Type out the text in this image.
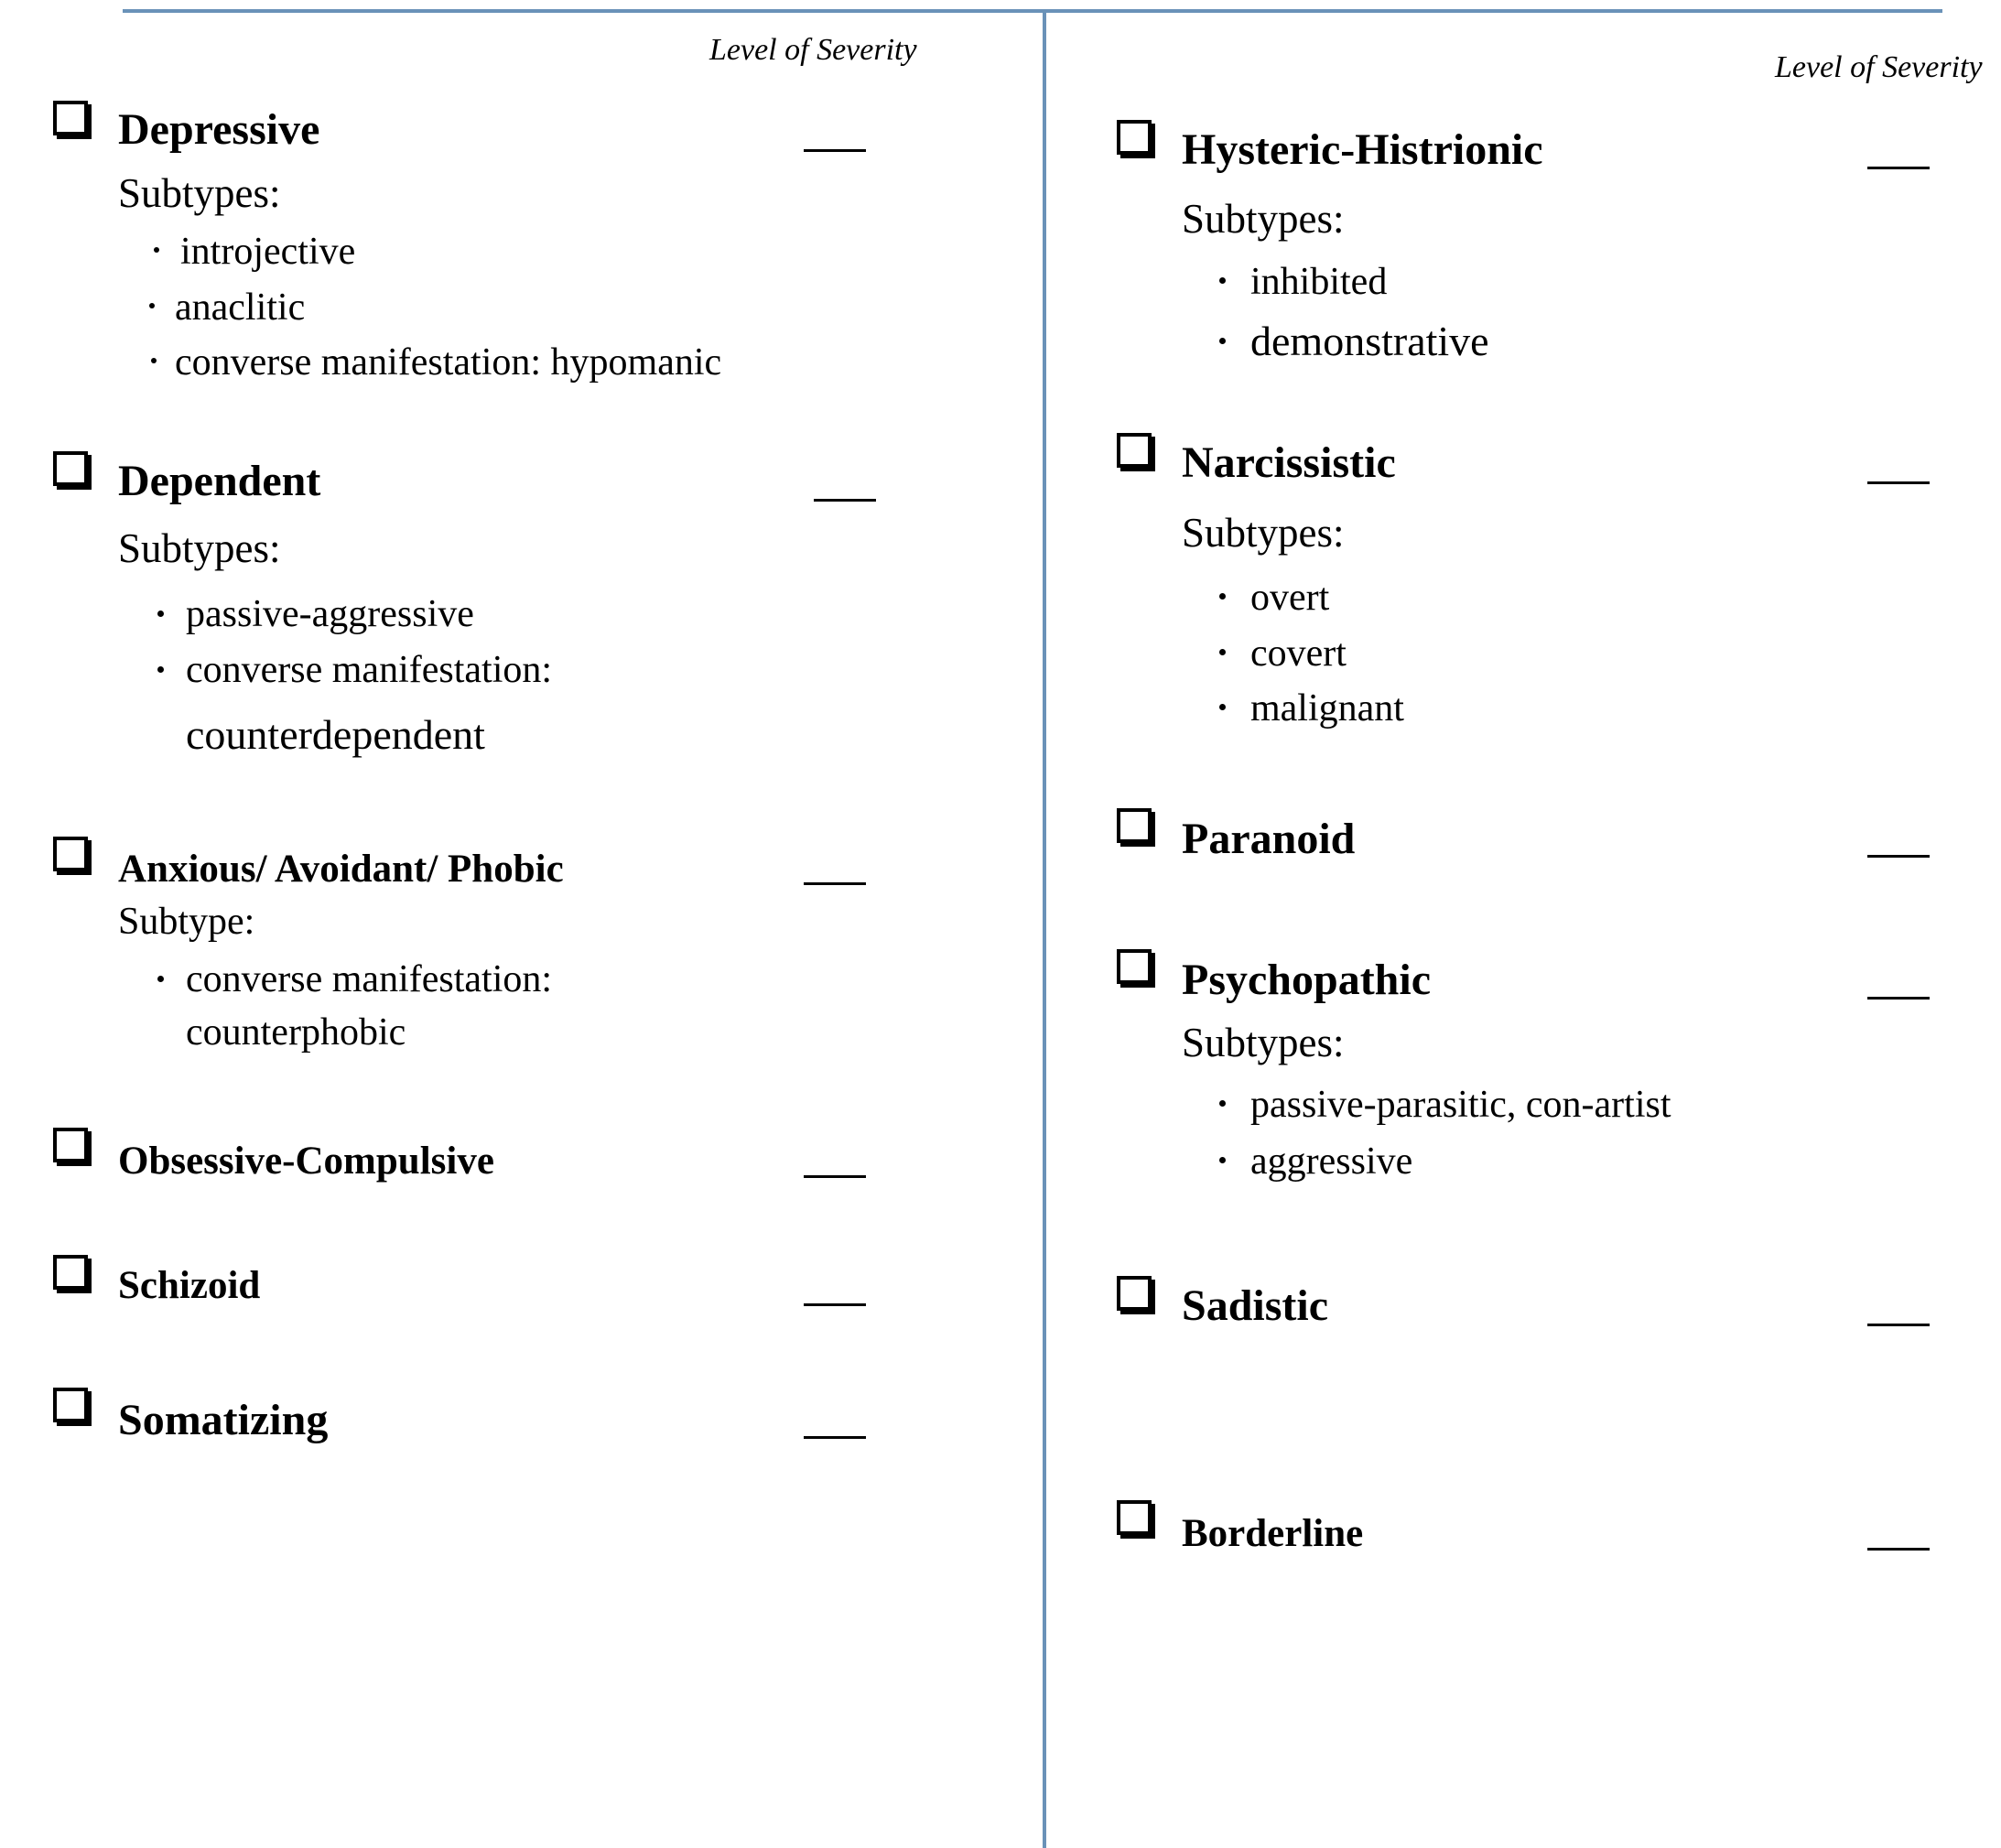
Level of Severity
Level of Severity
Depressive
Subtypes:
introjective
anaclitic
converse manifestation: hypomanic
Dependent
Subtypes:
passive-aggressive
converse manifestation:
counterdependent
Anxious/ Avoidant/ Phobic
Subtype:
converse manifestation:
counterphobic
Obsessive-Compulsive
Schizoid
Somatizing
Hysteric-Histrionic
Subtypes:
inhibited
demonstrative
Narcissistic
Subtypes:
overt
covert
malignant
Paranoid
Psychopathic
Subtypes:
passive-parasitic, con-artist
aggressive
Sadistic
Borderline
